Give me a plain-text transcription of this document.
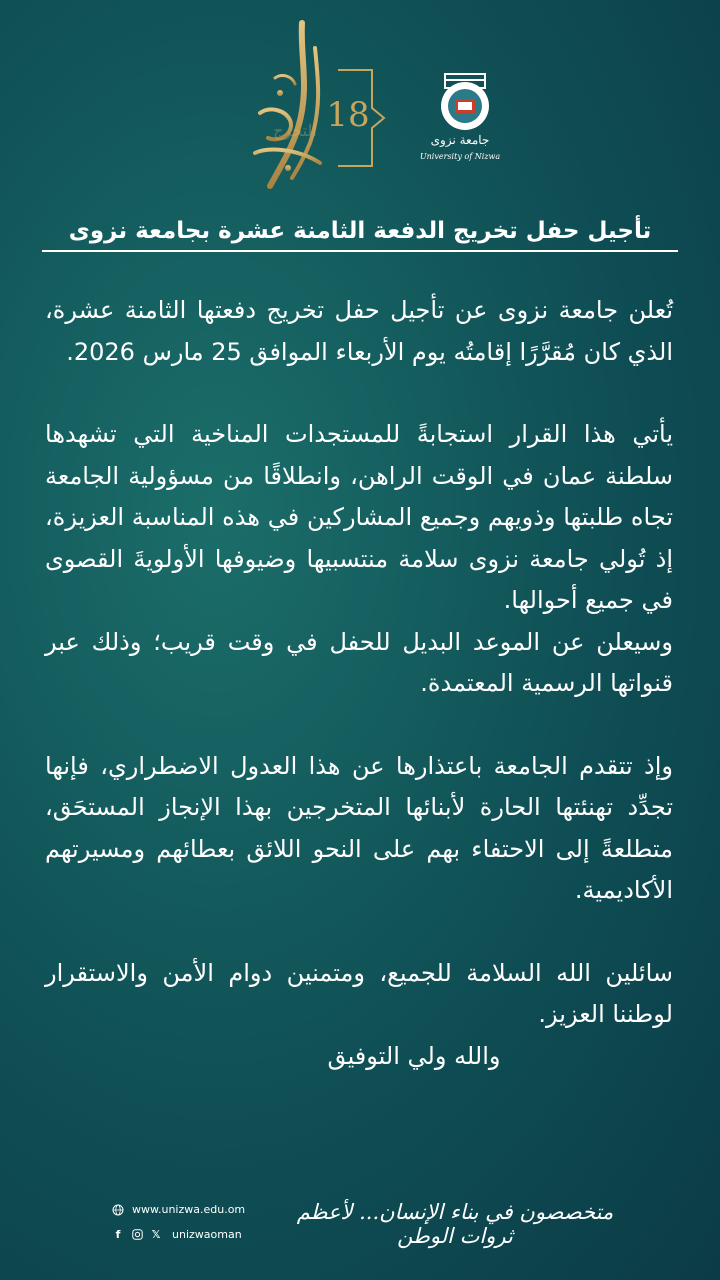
التخرج 18
جامعة نزوى
University of Nizwa
تأجيل حفل تخريج الدفعة الثامنة عشرة بجامعة نزوى

تُعلن جامعة نزوى عن تأجيل حفل تخريج دفعتها الثامنة عشرة، الذي كان مُقرَّرًا إقامتُه يوم الأربعاء الموافق 25 مارس 2026.

يأتي هذا القرار استجابةً للمستجدات المناخية التي تشهدها سلطنة عمان في الوقت الراهن، وانطلاقًا من مسؤولية الجامعة تجاه طلبتها وذويهم وجميع المشاركين في هذه المناسبة العزيزة، إذ تُولي جامعة نزوى سلامة منتسبيها وضيوفها الأولويةَ القصوى في جميع أحوالها.

وسيعلن عن الموعد البديل للحفل في وقت قريب؛ وذلك عبر قنواتها الرسمية المعتمدة.

وإذ تتقدم الجامعة باعتذارها عن هذا العدول الاضطراري، فإنها تجدِّد تهنئتها الحارة لأبنائها المتخرجين بهذا الإنجاز المستحَق، متطلعةً إلى الاحتفاء بهم على النحو اللائق بعطائهم ومسيرتهم الأكاديمية.

سائلين الله السلامة للجميع، ومتمنين دوام الأمن والاستقرار لوطننا العزيز.

والله ولي التوفيق

www.unizwa.edu.om
f	𝕏 unizwaoman
متخصصون في بناء الإنسان... لأعظم ثروات الوطن
